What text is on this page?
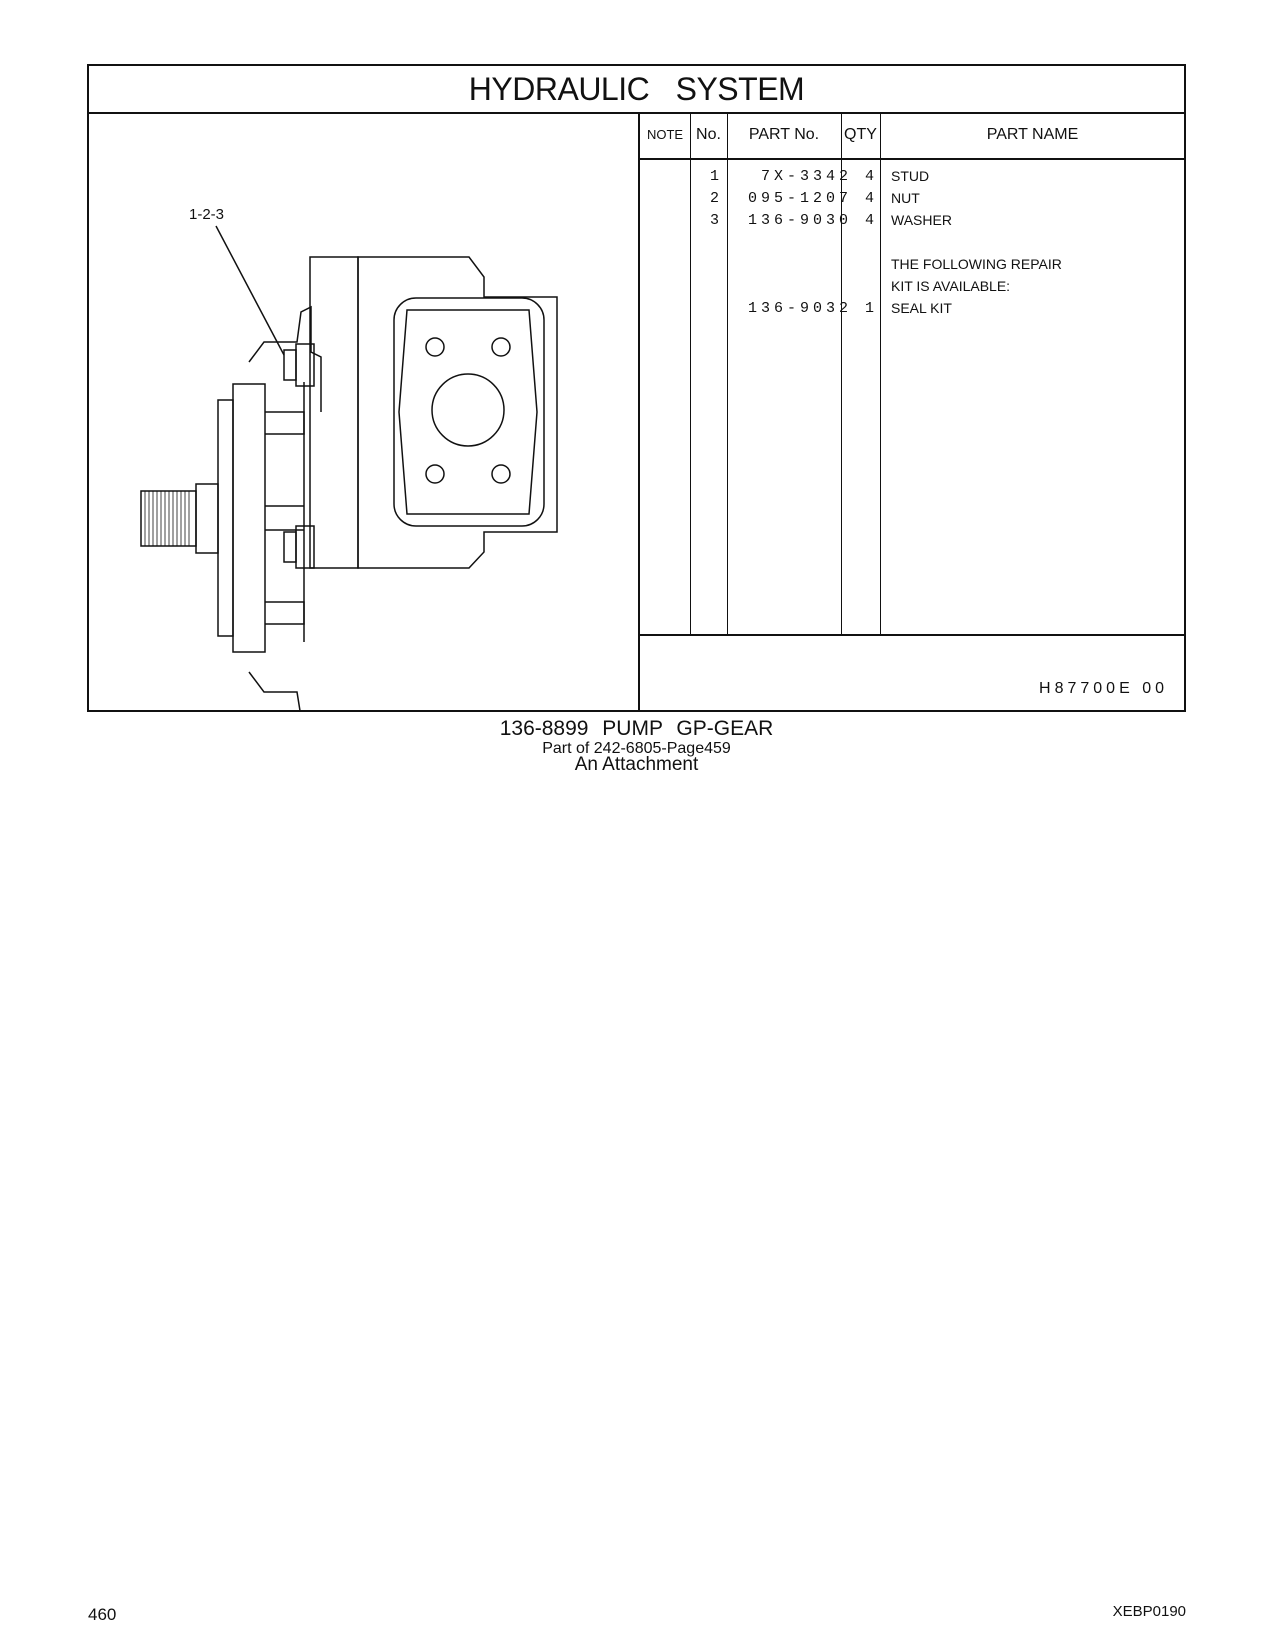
HYDRAULIC SYSTEM
1-2-3
NOTE No.	PART No.	QTY	PART NAME
1	7X-3342 4 STUD
2 095-1207 4 NUT
3 136-9030 4 WASHER
THE FOLLOWING REPAIR
KIT IS AVAILABLE:
136-9032 1 SEAL KIT
H87700E 00
136-8899 PUMP GP-GEAR
Part of 242-6805-Page459
An Attachment
460	XEBP0190
